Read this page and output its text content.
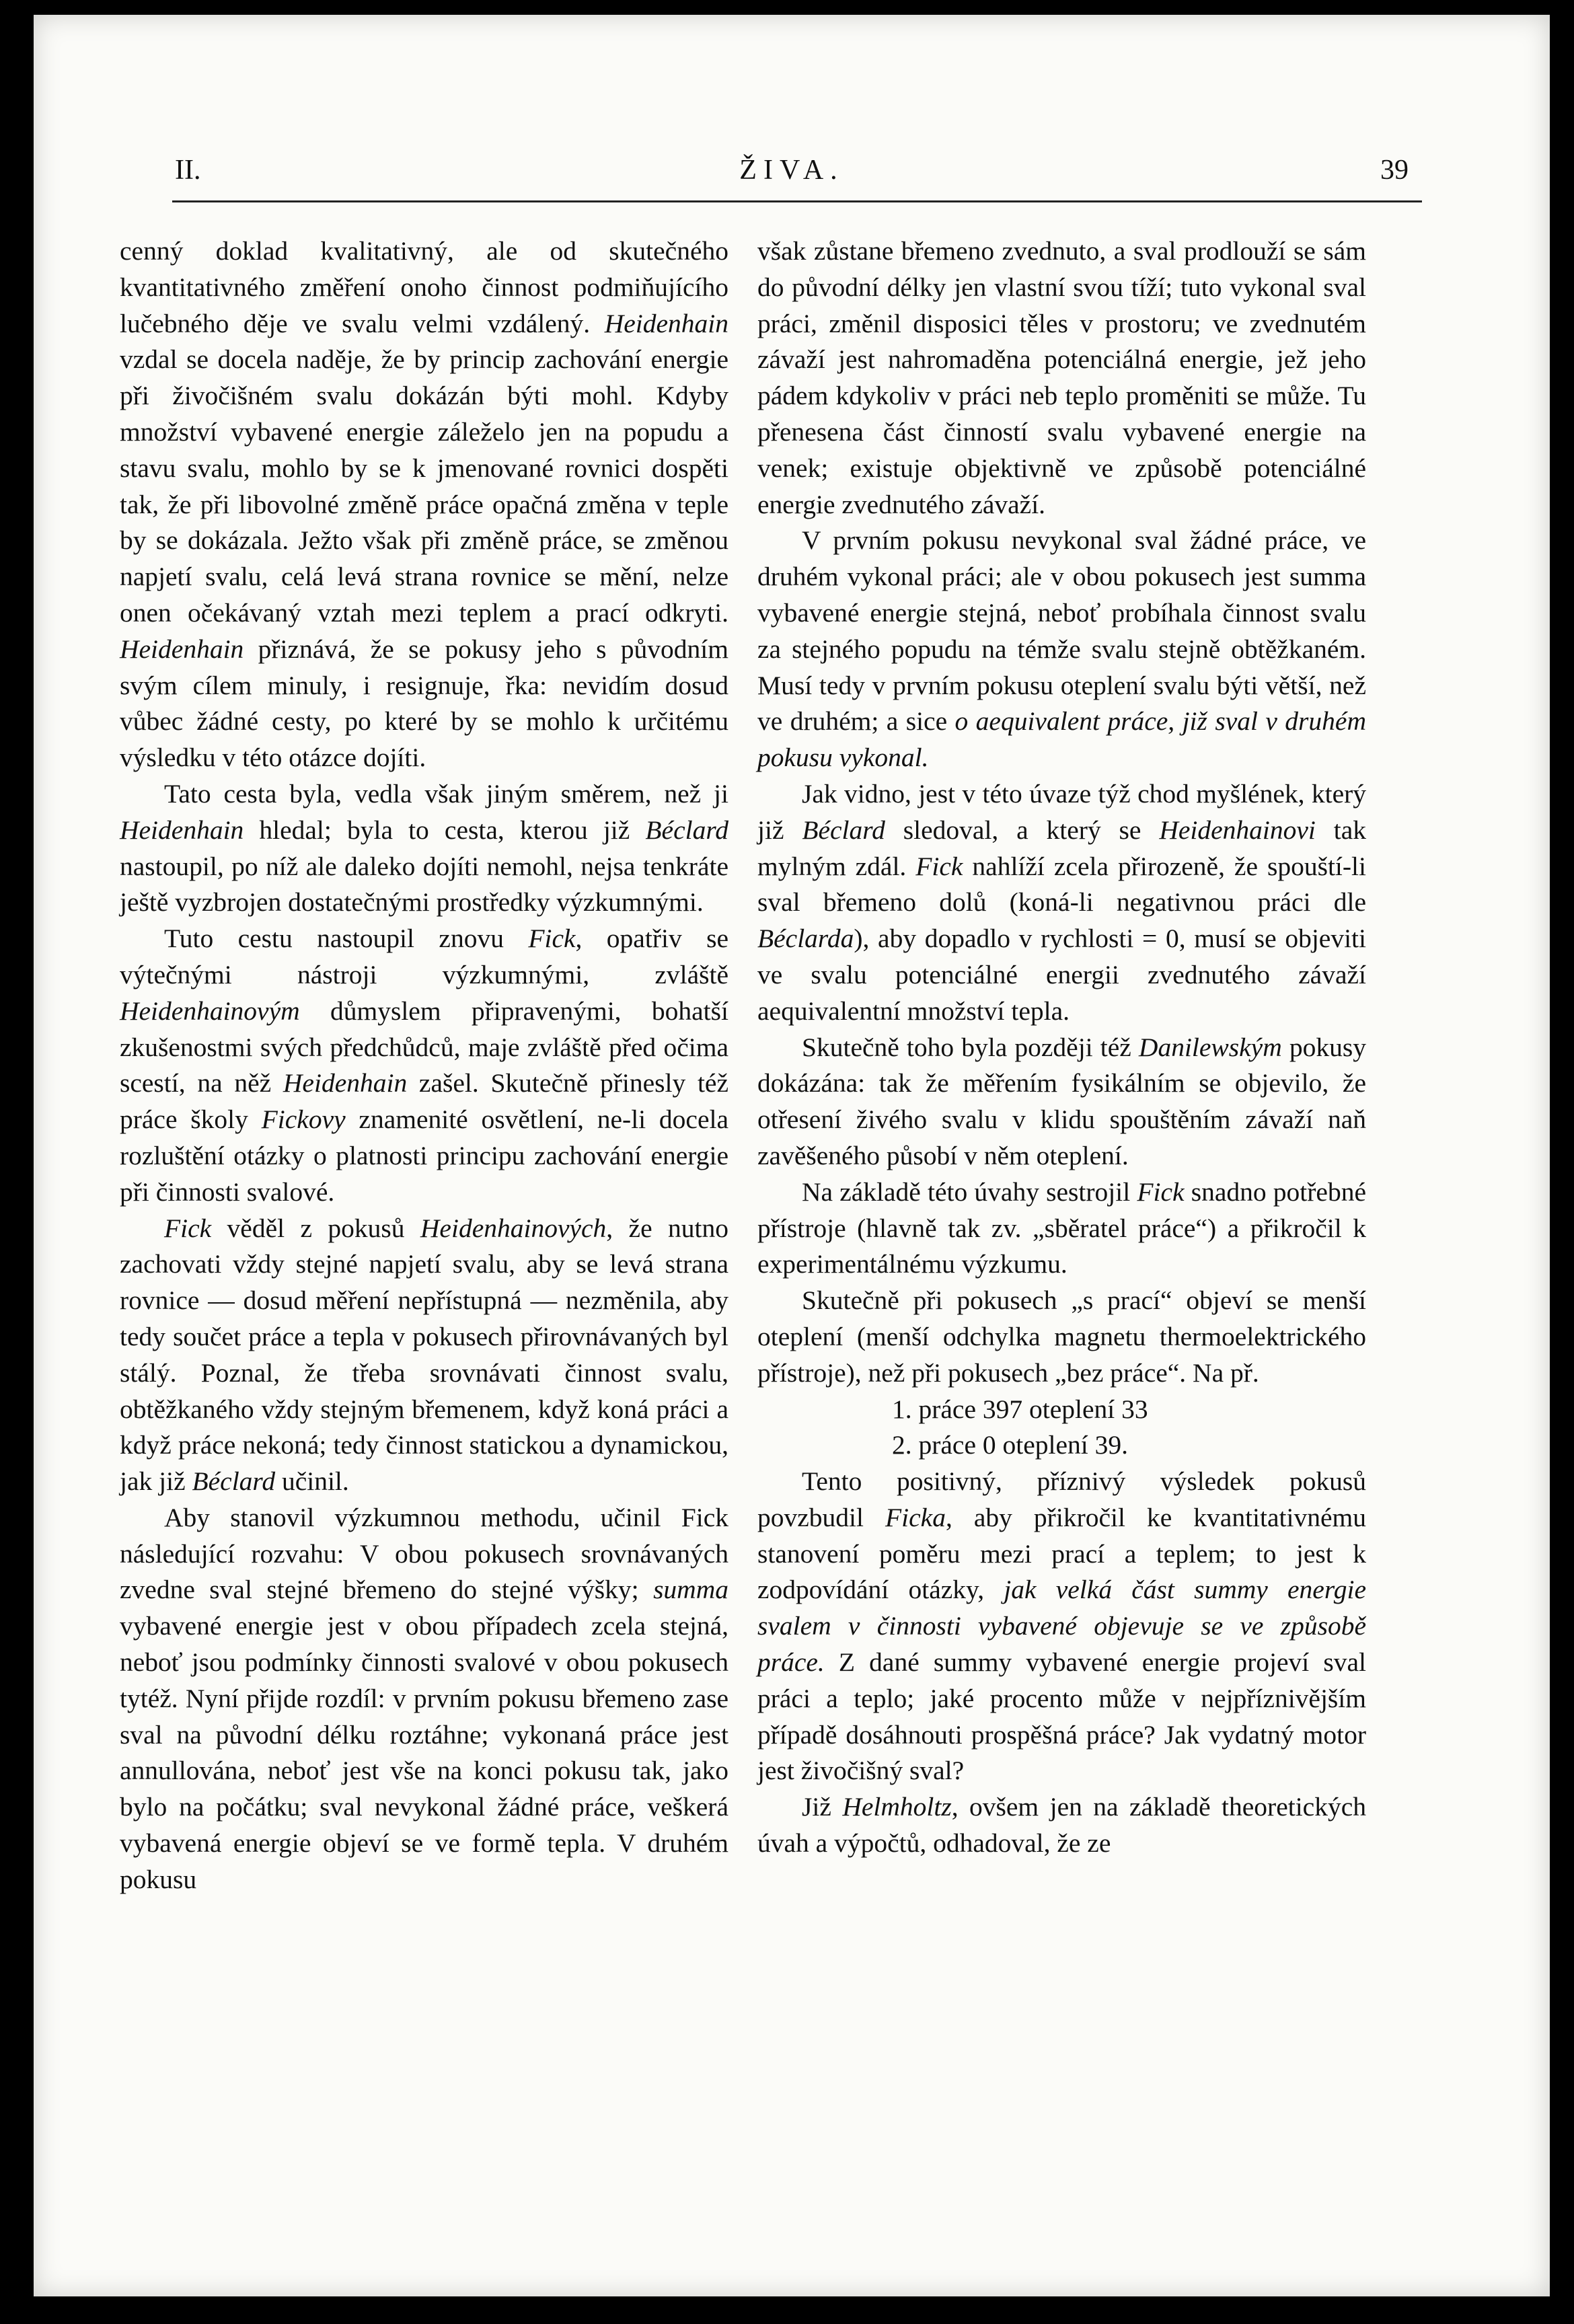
II.	ŽIVA.	39

cenný doklad kvalitativný, ale od skutečného kvantitativného změření onoho činnost podmiňujícího lučebného děje ve svalu velmi vzdálený. Heidenhain vzdal se docela naděje, že by princip zachování energie při živočišném svalu dokázán býti mohl. Kdyby množství vybavené energie záleželo jen na popudu a stavu svalu, mohlo by se k jmenované rovnici dospěti tak, že při libovolné změně práce opačná změna v teple by se dokázala. Ježto však při změně práce, se změnou napjetí svalu, celá levá strana rovnice se mění, nelze onen očekávaný vztah mezi teplem a prací odkryti. Heidenhain přiznává, že se pokusy jeho s původním svým cílem minuly, i resignuje, řka: nevidím dosud vůbec žádné cesty, po které by se mohlo k určitému výsledku v této otázce dojíti.

Tato cesta byla, vedla však jiným směrem, než ji Heidenhain hledal; byla to cesta, kterou již Béclard nastoupil, po níž ale daleko dojíti nemohl, nejsa tenkráte ještě vyzbrojen dostatečnými prostředky výzkumnými.

Tuto cestu nastoupil znovu Fick, opatřiv se výtečnými nástroji výzkumnými, zvláště Heidenhainovým důmyslem připravenými, bohatší zkušenostmi svých předchůdců, maje zvláště před očima scestí, na něž Heidenhain zašel. Skutečně přinesly též práce školy Fickovy znamenité osvětlení, ne-li docela rozluštění otázky o platnosti principu zachování energie při činnosti svalové.

Fick věděl z pokusů Heidenhainových, že nutno zachovati vždy stejné napjetí svalu, aby se levá strana rovnice — dosud měření nepřístupná — nezměnila, aby tedy součet práce a tepla v pokusech přirovnávaných byl stálý. Poznal, že třeba srovnávati činnost svalu, obtěžkaného vždy stejným břemenem, když koná práci a když práce nekoná; tedy činnost statickou a dynamickou, jak již Béclard učinil.

Aby stanovil výzkumnou methodu, učinil Fick následující rozvahu: V obou pokusech srovnávaných zvedne sval stejné břemeno do stejné výšky; summa vybavené energie jest v obou případech zcela stejná, neboť jsou podmínky činnosti svalové v obou pokusech tytéž. Nyní přijde rozdíl: v prvním pokusu břemeno zase sval na původní délku roztáhne; vykonaná práce jest annullována, neboť jest vše na konci pokusu tak, jako bylo na počátku; sval nevykonal žádné práce, veškerá vybavená energie objeví se ve formě tepla. V druhém pokusu

však zůstane břemeno zvednuto, a sval prodlouží se sám do původní délky jen vlastní svou tíží; tuto vykonal sval práci, změnil disposici těles v prostoru; ve zvednutém závaží jest nahromaděna potenciálná energie, jež jeho pádem kdykoliv v práci neb teplo proměniti se může. Tu přenesena část činností svalu vybavené energie na venek; existuje objektivně ve způsobě potenciálné energie zvednutého závaží.

V prvním pokusu nevykonal sval žádné práce, ve druhém vykonal práci; ale v obou pokusech jest summa vybavené energie stejná, neboť probíhala činnost svalu za stejného popudu na témže svalu stejně obtěžkaném. Musí tedy v prvním pokusu oteplení svalu býti větší, než ve druhém; a sice o aequivalent práce, již sval v druhém pokusu vykonal.

Jak vidno, jest v této úvaze týž chod myšlének, který již Béclard sledoval, a který se Heidenhainovi tak mylným zdál. Fick nahlíží zcela přirozeně, že spouští-li sval břemeno dolů (koná-li negativnou práci dle Béclarda), aby dopadlo v rychlosti = 0, musí se objeviti ve svalu potenciálné energii zvednutého závaží aequivalentní množství tepla.

Skutečně toho byla později též Danilewským pokusy dokázána: tak že měřením fysikálním se objevilo, že otřesení živého svalu v klidu spouštěním závaží naň zavěšeného působí v něm oteplení.

Na základě této úvahy sestrojil Fick snadno potřebné přístroje (hlavně tak zv. „sběratel práce“) a přikročil k experimentálnému výzkumu.

Skutečně při pokusech „s prací“ objeví se menší oteplení (menší odchylka magnetu thermoelektrického přístroje), než při pokusech „bez práce“. Na př.

1. práce 397 oteplení 33

2. práce 0 oteplení 39.

Tento positivný, příznivý výsledek pokusů povzbudil Ficka, aby přikročil ke kvantitativnému stanovení poměru mezi prací a teplem; to jest k zodpovídání otázky, jak velká část summy energie svalem v činnosti vybavené objevuje se ve způsobě práce. Z dané summy vybavené energie projeví sval práci a teplo; jaké procento může v nejpříznivějším případě dosáhnouti prospěšná práce? Jak vydatný motor jest živočišný sval?

Již Helmholtz, ovšem jen na základě theoretických úvah a výpočtů, odhadoval, že ze
